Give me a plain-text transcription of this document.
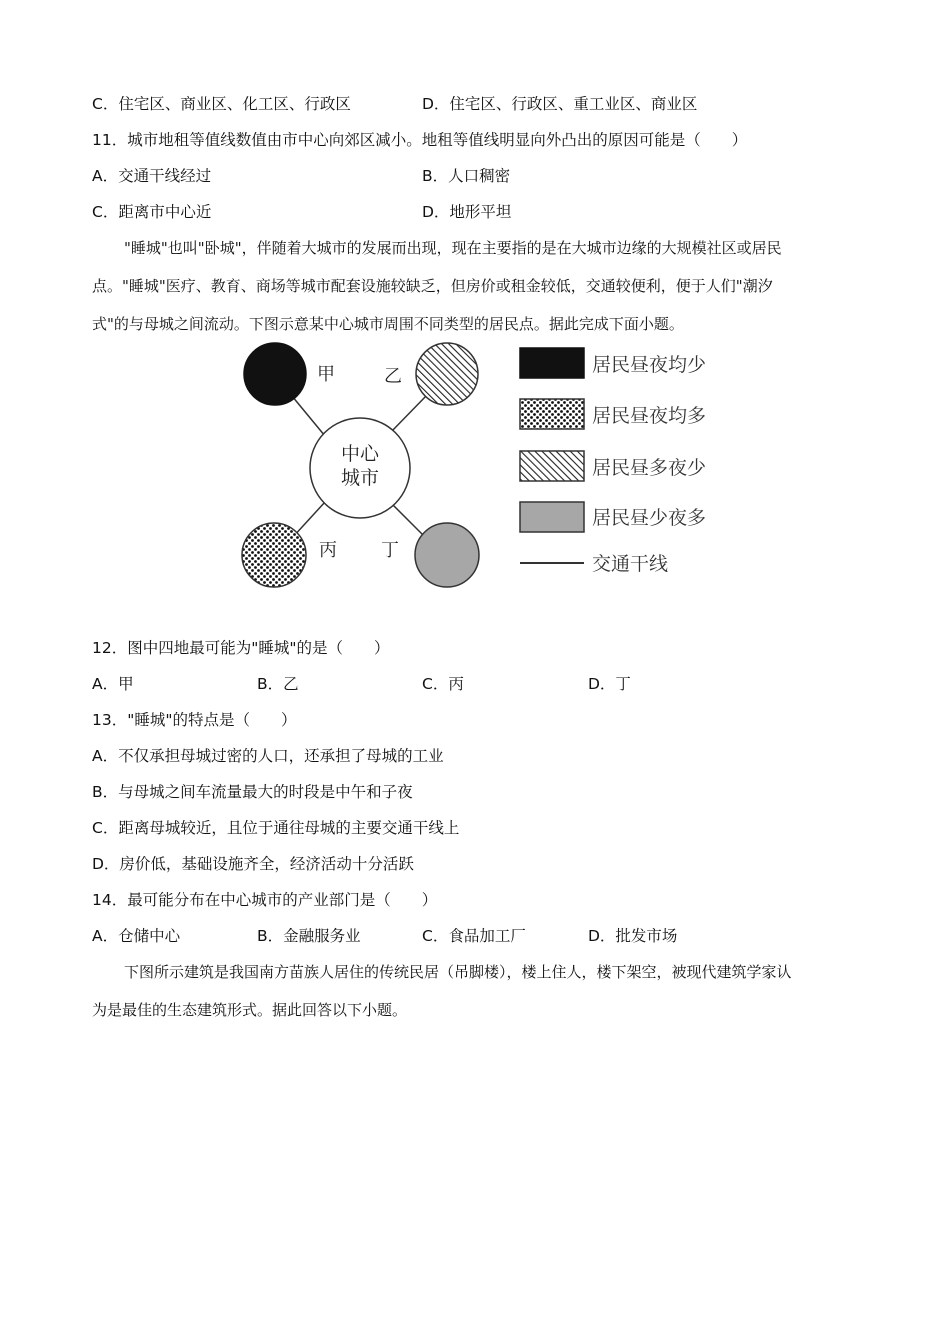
C．住宅区、商业区、化工区、行政区	D．住宅区、行政区、重工业区、商业区
11．城市地租等值线数值由市中心向郊区减小。地租等值线明显向外凸出的原因可能是（　　）
A．交通干线经过	B．人口稠密
C．距离市中心近	D．地形平坦
"睡城"也叫"卧城"，伴随着大城市的发展而出现，现在主要指的是在大城市边缘的大规模社区或居民
点。"睡城"医疗、教育、商场等城市配套设施较缺乏，但房价或租金较低，交通较便利，便于人们"潮汐
式"的与母城之间流动。下图示意某中心城市周围不同类型的居民点。据此完成下面小题。
中心
城市
甲	乙
丙 丁
居民昼夜均少
居民昼夜均多
居民昼多夜少
居民昼少夜多
交通干线
12．图中四地最可能为"睡城"的是（　　）
A．甲	B．乙	C．丙	D．丁
13．"睡城"的特点是（　　）
A．不仅承担母城过密的人口，还承担了母城的工业
B．与母城之间车流量最大的时段是中午和子夜
C．距离母城较近，且位于通往母城的主要交通干线上
D．房价低，基础设施齐全，经济活动十分活跃
14．最可能分布在中心城市的产业部门是（　　）
A．仓储中心	B．金融服务业	C．食品加工厂	D．批发市场
下图所示建筑是我国南方苗族人居住的传统民居（吊脚楼），楼上住人，楼下架空，被现代建筑学家认
为是最佳的生态建筑形式。据此回答以下小题。
